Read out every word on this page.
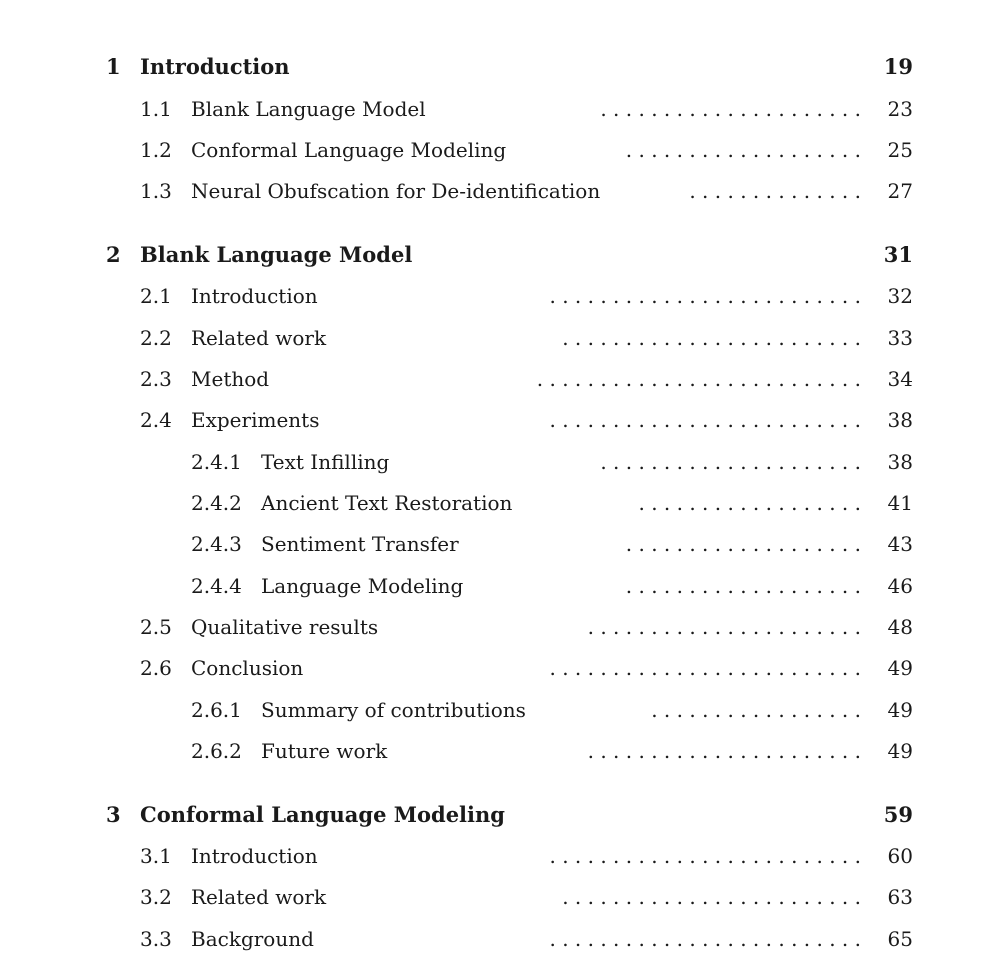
1 Introduction	19
1.1 Blank Language Model	. . . . . . . . . . . . . . . . . . . . . 23
1.2 Conformal Language Modeling	. . . . . . . . . . . . . . . . . . . 25
1.3 Neural Obufscation for De-identification	. . . . . . . . . . . . . . 27
2 Blank Language Model	31
2.1 Introduction	. . . . . . . . . . . . . . . . . . . . . . . . . 32
2.2 Related work	. . . . . . . . . . . . . . . . . . . . . . . . 33
2.3 Method	. . . . . . . . . . . . . . . . . . . . . . . . . . 34
2.4 Experiments	. . . . . . . . . . . . . . . . . . . . . . . . . 38
2.4.1 Text Infilling	. . . . . . . . . . . . . . . . . . . . . 38
2.4.2 Ancient Text Restoration	. . . . . . . . . . . . . . . . . . 41
2.4.3 Sentiment Transfer	. . . . . . . . . . . . . . . . . . . 43
2.4.4 Language Modeling	. . . . . . . . . . . . . . . . . . . 46
2.5 Qualitative results	. . . . . . . . . . . . . . . . . . . . . . 48
2.6 Conclusion	. . . . . . . . . . . . . . . . . . . . . . . . . 49
2.6.1 Summary of contributions	. . . . . . . . . . . . . . . . . 49
2.6.2 Future work	. . . . . . . . . . . . . . . . . . . . . . 49
3 Conformal Language Modeling	59
3.1 Introduction	. . . . . . . . . . . . . . . . . . . . . . . . . 60
3.2 Related work	. . . . . . . . . . . . . . . . . . . . . . . . 63
3.3 Background	. . . . . . . . . . . . . . . . . . . . . . . . . 65
